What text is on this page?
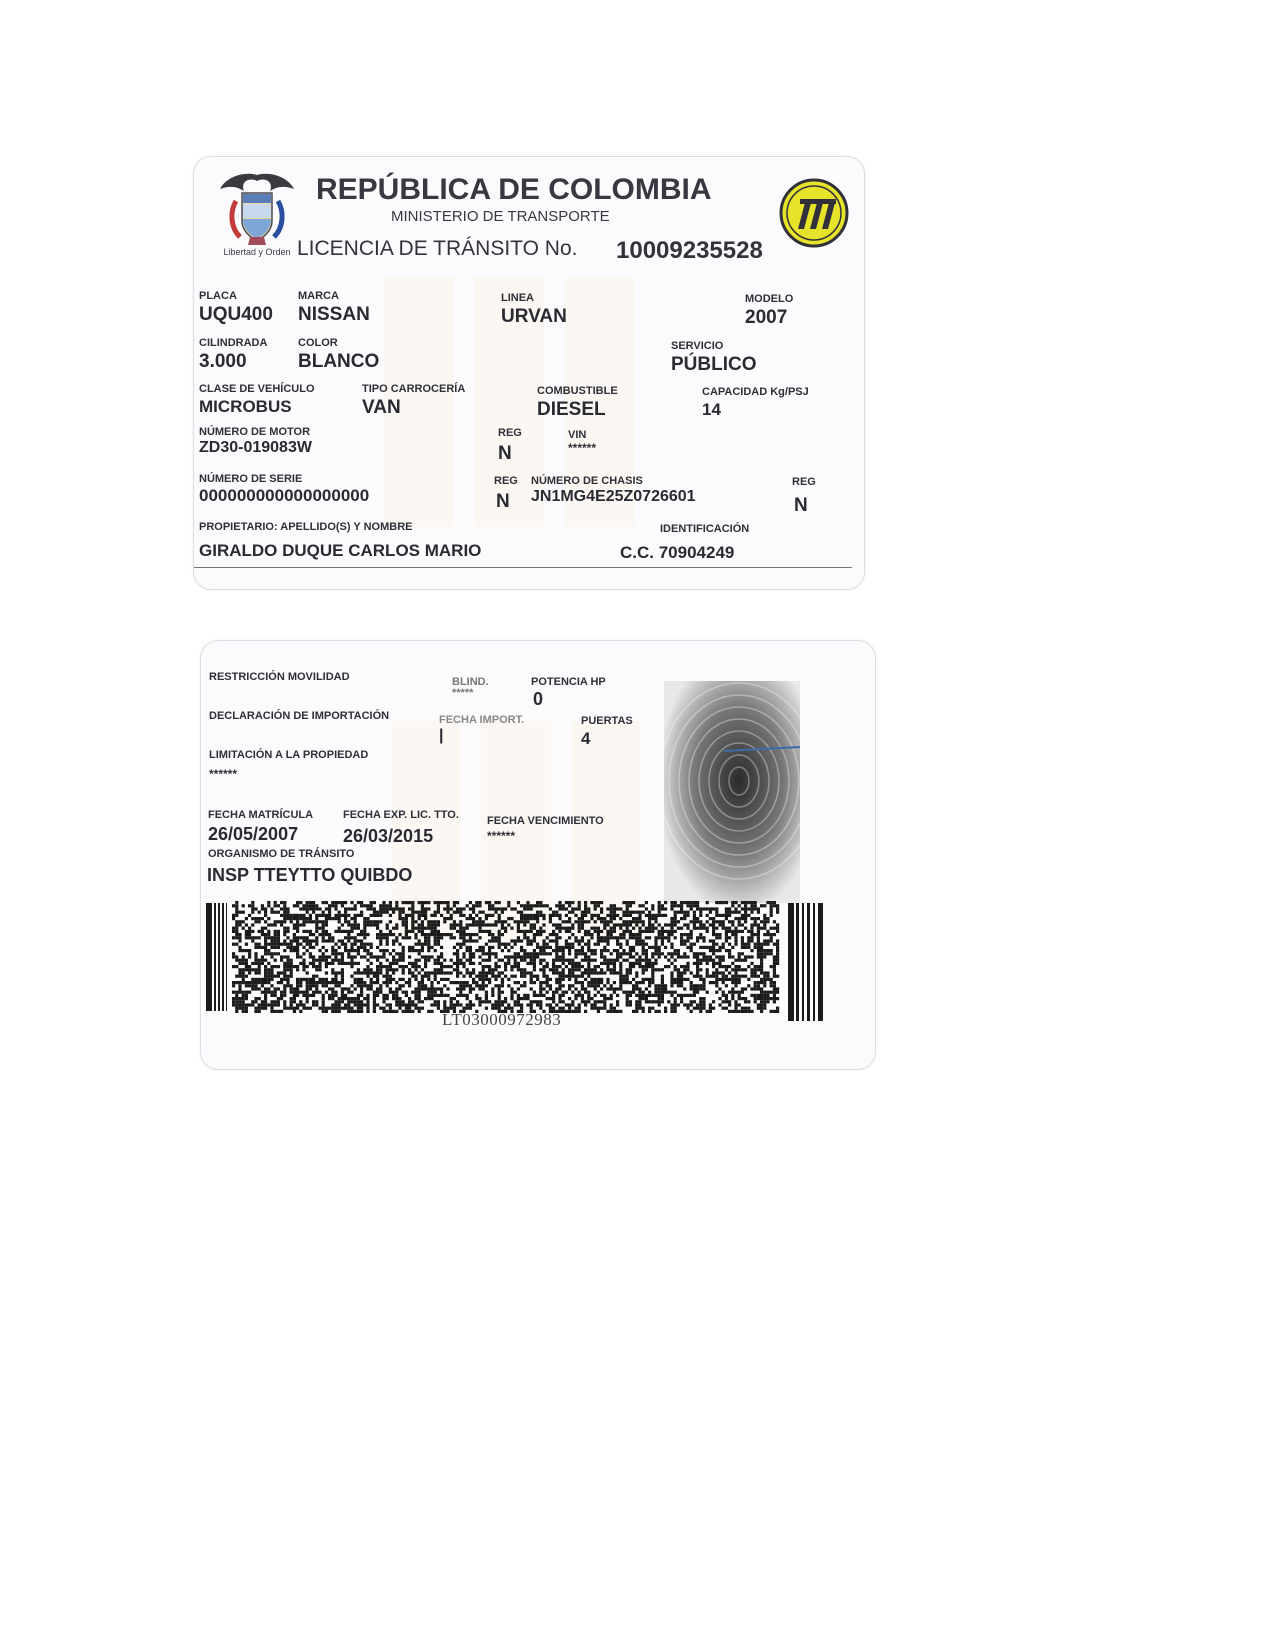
Libertad y Orden
REPÚBLICA DE COLOMBIA
MINISTERIO DE TRANSPORTE
LICENCIA DE TRÁNSITO No. 10009235528
PLACA
UQU400
MARCA
NISSAN
LINEA
URVAN
MODELO
2007
CILINDRADA
3.000
COLOR
BLANCO
SERVICIO
PÚBLICO
CLASE DE VEHÍCULO
MICROBUS
TIPO CARROCERÍA
VAN
COMBUSTIBLE
DIESEL
CAPACIDAD Kg/PSJ
14
NÚMERO DE MOTOR
ZD30-019083W
REG
N
VIN
******
NÚMERO DE SERIE
000000000000000000
REG
N
NÚMERO DE CHASIS
JN1MG4E25Z0726601
REG
N
PROPIETARIO: APELLIDO(S) Y NOMBRE
GIRALDO DUQUE CARLOS MARIO
IDENTIFICACIÓN
C.C. 70904249
RESTRICCIÓN MOVILIDAD	BLIND.
*****
POTENCIA HP
0
DECLARACIÓN DE IMPORTACIÓN	FECHA IMPORT.
|
PUERTAS
4
LIMITACIÓN A LA PROPIEDAD
******
FECHA MATRÍCULA
26/05/2007
FECHA EXP. LIC. TTO.
26/03/2015
FECHA VENCIMIENTO
******
ORGANISMO DE TRÁNSITO
INSP TTEYTTO QUIBDO
LT03000972983
